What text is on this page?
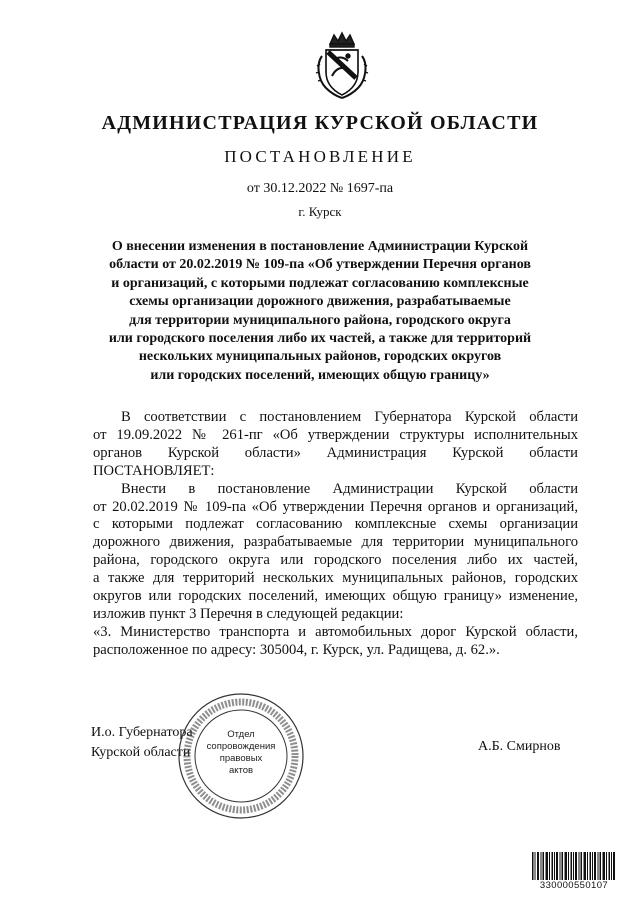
АДМИНИСТРАЦИЯ КУРСКОЙ ОБЛАСТИ
ПОСТАНОВЛЕНИЕ
от 30.12.2022 № 1697-па
г. Курск
О внесении изменения в постановление Администрации Курской
области от 20.02.2019 № 109-па «Об утверждении Перечня органов
и организаций, с которыми подлежат согласованию комплексные
схемы организации дорожного движения, разрабатываемые
для территории муниципального района, городского округа
или городского поселения либо их частей, а также для территорий
нескольких муниципальных районов, городских округов
или городских поселений, имеющих общую границу»
В соответствии с постановлением Губернатора Курской области
от 19.09.2022 № 261-пг «Об утверждении структуры исполнительных
органов Курской области» Администрация Курской области
ПОСТАНОВЛЯЕТ:
Внести в постановление Администрации Курской области
от 20.02.2019 № 109-па «Об утверждении Перечня органов и организаций,
с которыми подлежат согласованию комплексные схемы организации
дорожного движения, разрабатываемые для территории муниципального
района, городского округа или городского поселения либо их частей,
а также для территорий нескольких муниципальных районов, городских
округов или городских поселений, имеющих общую границу» изменение,
изложив пункт 3 Перечня в следующей редакции:
«3. Министерство транспорта и автомобильных дорог Курской области,
расположенное по адресу: 305004, г. Курск, ул. Радищева, д. 62.».
И.о. Губернатора
Курской области	А.Б. Смирнов
Отдел
сопровождения
правовых
актов
330000550107
